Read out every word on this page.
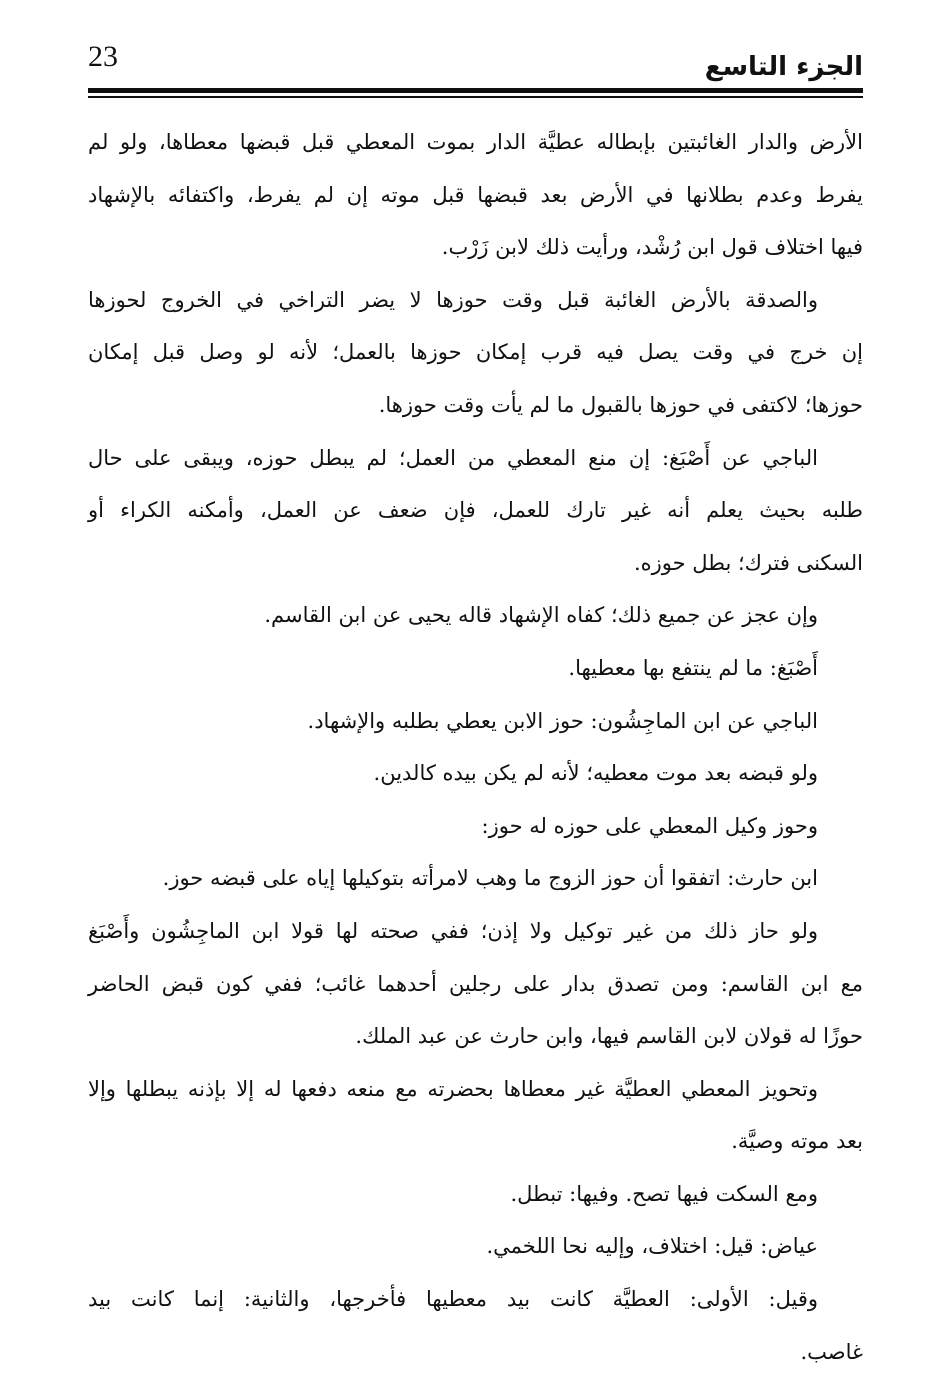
23	الجزء التاسع

الأرض والدار الغائبتين بإبطاله عطيَّة الدار بموت المعطي قبل قبضها معطاها، ولو لم

يفرط وعدم بطلانها في الأرض بعد قبضها قبل موته إن لم يفرط، واكتفائه بالإشهاد

فيها اختلاف قول ابن رُشْد، ورأيت ذلك لابن زَرْب.

والصدقة بالأرض الغائبة قبل وقت حوزها لا يضر التراخي في الخروج لحوزها

إن خرج في وقت يصل فيه قرب إمكان حوزها بالعمل؛ لأنه لو وصل قبل إمكان

حوزها؛ لاكتفى في حوزها بالقبول ما لم يأت وقت حوزها.

الباجي عن أَصْبَغ: إن منع المعطي من العمل؛ لم يبطل حوزه، ويبقى على حال

طلبه بحيث يعلم أنه غير تارك للعمل، فإن ضعف عن العمل، وأمكنه الكراء أو

السكنى فترك؛ بطل حوزه.

وإن عجز عن جميع ذلك؛ كفاه الإشهاد قاله يحيى عن ابن القاسم.

أَصْبَغ: ما لم ينتفع بها معطيها.

الباجي عن ابن الماجِشُون: حوز الابن يعطي بطلبه والإشهاد.

ولو قبضه بعد موت معطيه؛ لأنه لم يكن بيده كالدين.

وحوز وكيل المعطي على حوزه له حوز:

ابن حارث: اتفقوا أن حوز الزوج ما وهب لامرأته بتوكيلها إياه على قبضه حوز.

ولو حاز ذلك من غير توكيل ولا إذن؛ ففي صحته لها قولا ابن الماجِشُون وأَصْبَغ

مع ابن القاسم: ومن تصدق بدار على رجلين أحدهما غائب؛ ففي كون قبض الحاضر

حوزًا له قولان لابن القاسم فيها، وابن حارث عن عبد الملك.

وتحويز المعطي العطيَّة غير معطاها بحضرته مع منعه دفعها له إلا بإذنه يبطلها وإلا

بعد موته وصيَّة.

ومع السكت فيها تصح. وفيها: تبطل.

عياض: قيل: اختلاف، وإليه نحا اللخمي.

وقيل: الأولى: العطيَّة كانت بيد معطيها فأخرجها، والثانية: إنما كانت بيد

غاصب.
